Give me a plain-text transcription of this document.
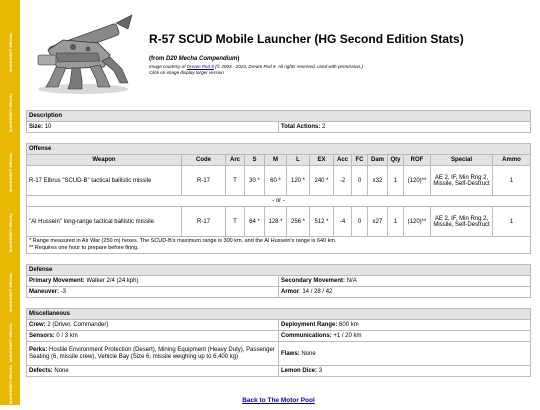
MAKESHIFT MECHA
MAKESHIFT MECHA
MAKESHIFT MECHA
MAKESHIFT MECHA
MAKESHIFT MECHA
MAKESHIFT MECHA
MAKESHIFT MECHA
R-57 SCUD Mobile Launcher (HG Second Edition Stats)
(from D20 Mecha Compendium)
Image courtesy of Dream Pod 9 (© 2003 - 2023, Dream Pod 9. All rights reserved, used with permission.)
Click on image display larger version
Description
Size: 10	Total Actions: 2
Offense													
Weapon	Code	Arc	S	M	L	EX	Acc	FC	Dam	Qty	ROF	Special	Ammo
R-17 Elbrus "SCUD-B" tactical ballistic missile	R-17	T	30 *	60 *	120 *	240 *	-2	0	x32	1	(120)**	AE 2, IF, Min Rng 2, Missile, Self-Destruct	1
- or -													
"Al Hussein" long-range tactical ballistic missile	R-17	T	64 *	128 *	256 *	512 *	-4	0	x27	1	(120)**	AE 2, IF, Min Rng 2, Missile, Self-Destruct	1
* Range measured in Air War (250 m) hexes. The SCUD-B's maximum range is 300 km, and the Al Hussein's range is 640 km.
** Requires one hour to prepare before firing.													
Defense	
Primary Movement: Walker 2/4 (24 kph)	Secondary Movement: N/A
Maneuver: -3	Armor: 14 / 28 / 42
Miscellaneous	
Crew: 2 (Driver, Commander)	Deployment Range: 600 km
Sensors: 0 / 3 km	Communications: +1 / 20 km
Perks: Hostile Environment Protection (Desert), Mining Equipment (Heavy Duty), Passenger Seating (6, missile crew), Vehicle Bay (Size 6, missile weighing up to 6,400 kg)	Flaws: None
Defects: None	Lemon Dice: 3
Back to The Motor Pool
